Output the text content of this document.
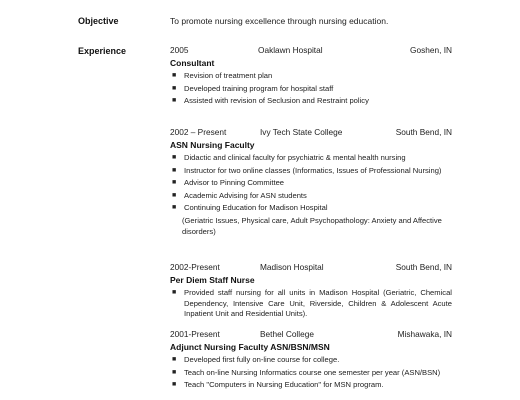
Objective	To promote nursing excellence through nursing education.
Experience	2005	Oaklawn Hospital	Goshen, IN
Consultant
■ Revision of treatment plan
■ Developed training program for hospital staff
■ Assisted with revision of Seclusion and Restraint policy
2002 – Present	Ivy Tech State College	South Bend, IN
ASN Nursing Faculty
■ Didactic and clinical faculty for psychiatric & mental health nursing
■ Instructor for two online classes (Informatics, Issues of Professional Nursing)
■ Advisor to Pinning Committee
■ Academic Advising for ASN students
■ Continuing Education for Madison Hospital
(Geriatric Issues, Physical care, Adult Psychopathology: Anxiety and Affective disorders)
2002-Present	Madison Hospital	South Bend, IN
Per Diem Staff Nurse
■ Provided staff nursing for all units in Madison Hospital (Geriatric, Chemical Dependency, Intensive Care Unit, Riverside, Children & Adolescent Acute Inpatient Unit and Residential Units).
2001-Present	Bethel College	Mishawaka, IN
Adjunct Nursing Faculty ASN/BSN/MSN
■ Developed first fully on-line course for college.
■ Teach on-line Nursing Informatics course one semester per year (ASN/BSN)
■ Teach "Computers in Nursing Education" for MSN program.
